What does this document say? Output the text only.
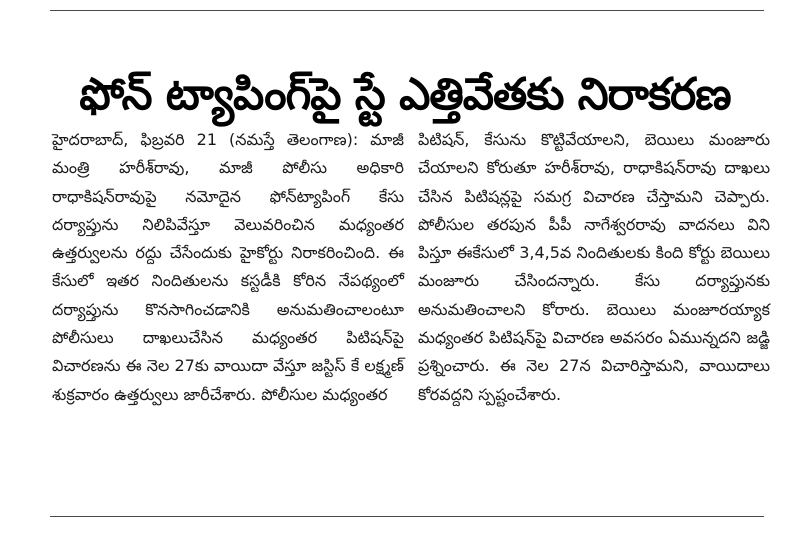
ఫోన్ ట్యాపింగ్‌పై స్టే ఎత్తివేతకు నిరాకరణ

హైదరాబాద్, ఫిబ్రవరి 21 (నమస్తే తెలంగాణ): మాజీ మంత్రి హరీశ్‌రావు, మాజీ పోలీసు అధికారి రాధాకిషన్‌రావుపై నమోదైన ఫోన్‌ట్యాపింగ్ కేసు దర్యాప్తును నిలిపివేస్తూ వెలువరించిన మధ్యంతర ఉత్తర్వులను రద్దు చేసేందుకు హైకోర్టు నిరాకరించింది. ఈ కేసులో ఇతర నిందితులను కస్టడీకి కోరిన నేపథ్యంలో దర్యాప్తును కొనసాగించడానికి అనుమతించాలంటూ పోలీసులు దాఖలుచేసిన మధ్యంతర పిటిషన్‌పై విచారణను ఈ నెల 27కు వాయిదా వేస్తూ జస్టిస్ కే లక్ష్మణ్ శుక్రవారం ఉత్తర్వులు జారీచేశారు. పోలీసుల మధ్యంతర

పిటిషన్, కేసును కొట్టివేయాలని, బెయిలు మంజూరు చేయాలని కోరుతూ హరీశ్‌రావు, రాధాకిషన్‌రావు దాఖలు చేసిన పిటిషన్లపై సమగ్ర విచారణ చేస్తామని చెప్పారు. పోలీసుల తరపున పీపీ నాగేశ్వరరావు వాదనలు విని పిస్తూ ఈకేసులో 3,4,5వ నిందితులకు కింది కోర్టు బెయిలు మంజూరు చేసిందన్నారు. కేసు దర్యాప్తునకు అనుమతించాలని కోరారు. బెయిలు మంజూరయ్యాక మధ్యంతర పిటిషన్‌పై విచారణ అవసరం ఏమున్నదని జడ్జి ప్రశ్నించారు. ఈ నెల 27న విచారిస్తామని, వాయిదాలు కోరవద్దని స్పష్టంచేశారు.
